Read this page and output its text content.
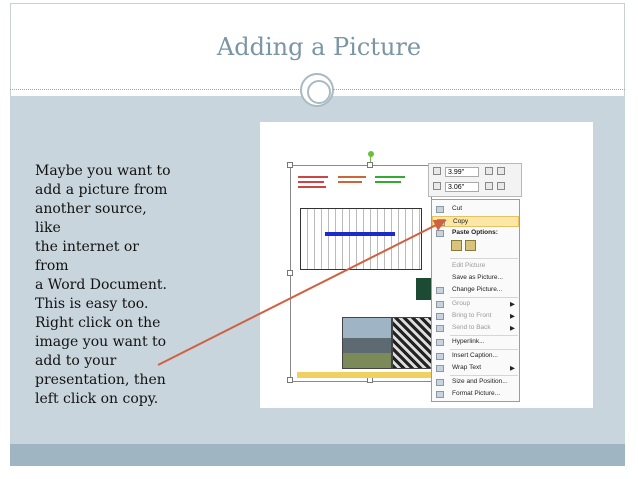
Adding a Picture
Maybe you want to
add a picture from
another source, like
the internet or from
a Word Document.
This is easy too.
Right click on the
image you want to
add to your
presentation, then
left click on copy.
3.99"
3.06"
Cut
Copy
Paste Options:
Edit Picture
Save as Picture...
Change Picture...
Group	▶
Bring to Front	▶
Send to Back	▶
Hyperlink...
Insert Caption...
Wrap Text	▶
Size and Position...
Format Picture...
